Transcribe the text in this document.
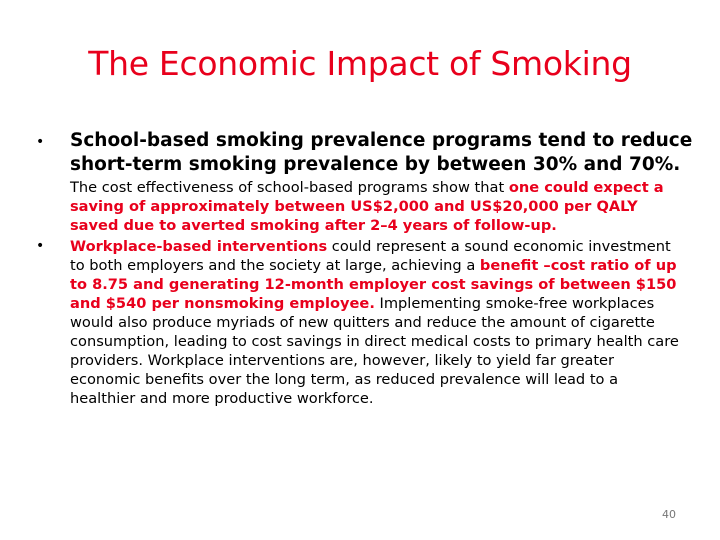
The Economic Impact of Smoking
• School-based smoking prevalence programs tend to reduce
short-term smoking prevalence by between 30% and 70%.
The cost effectiveness of school-based programs show that one could expect a saving of approximately between US$2,000 and US$20,000 per QALY saved due to averted smoking after 2–4 years of follow-up.
• Workplace-based interventions could represent a sound economic investment to both employers and the society at large, achieving a benefit –cost ratio of up to 8.75 and generating 12-month employer cost savings of between $150 and $540 per nonsmoking employee. Implementing smoke-free workplaces would also produce myriads of new quitters and reduce the amount of cigarette consumption, leading to cost savings in direct medical costs to primary health care providers. Workplace interventions are, however, likely to yield far greater economic benefits over the long term, as reduced prevalence will lead to a healthier and more productive workforce.
40
